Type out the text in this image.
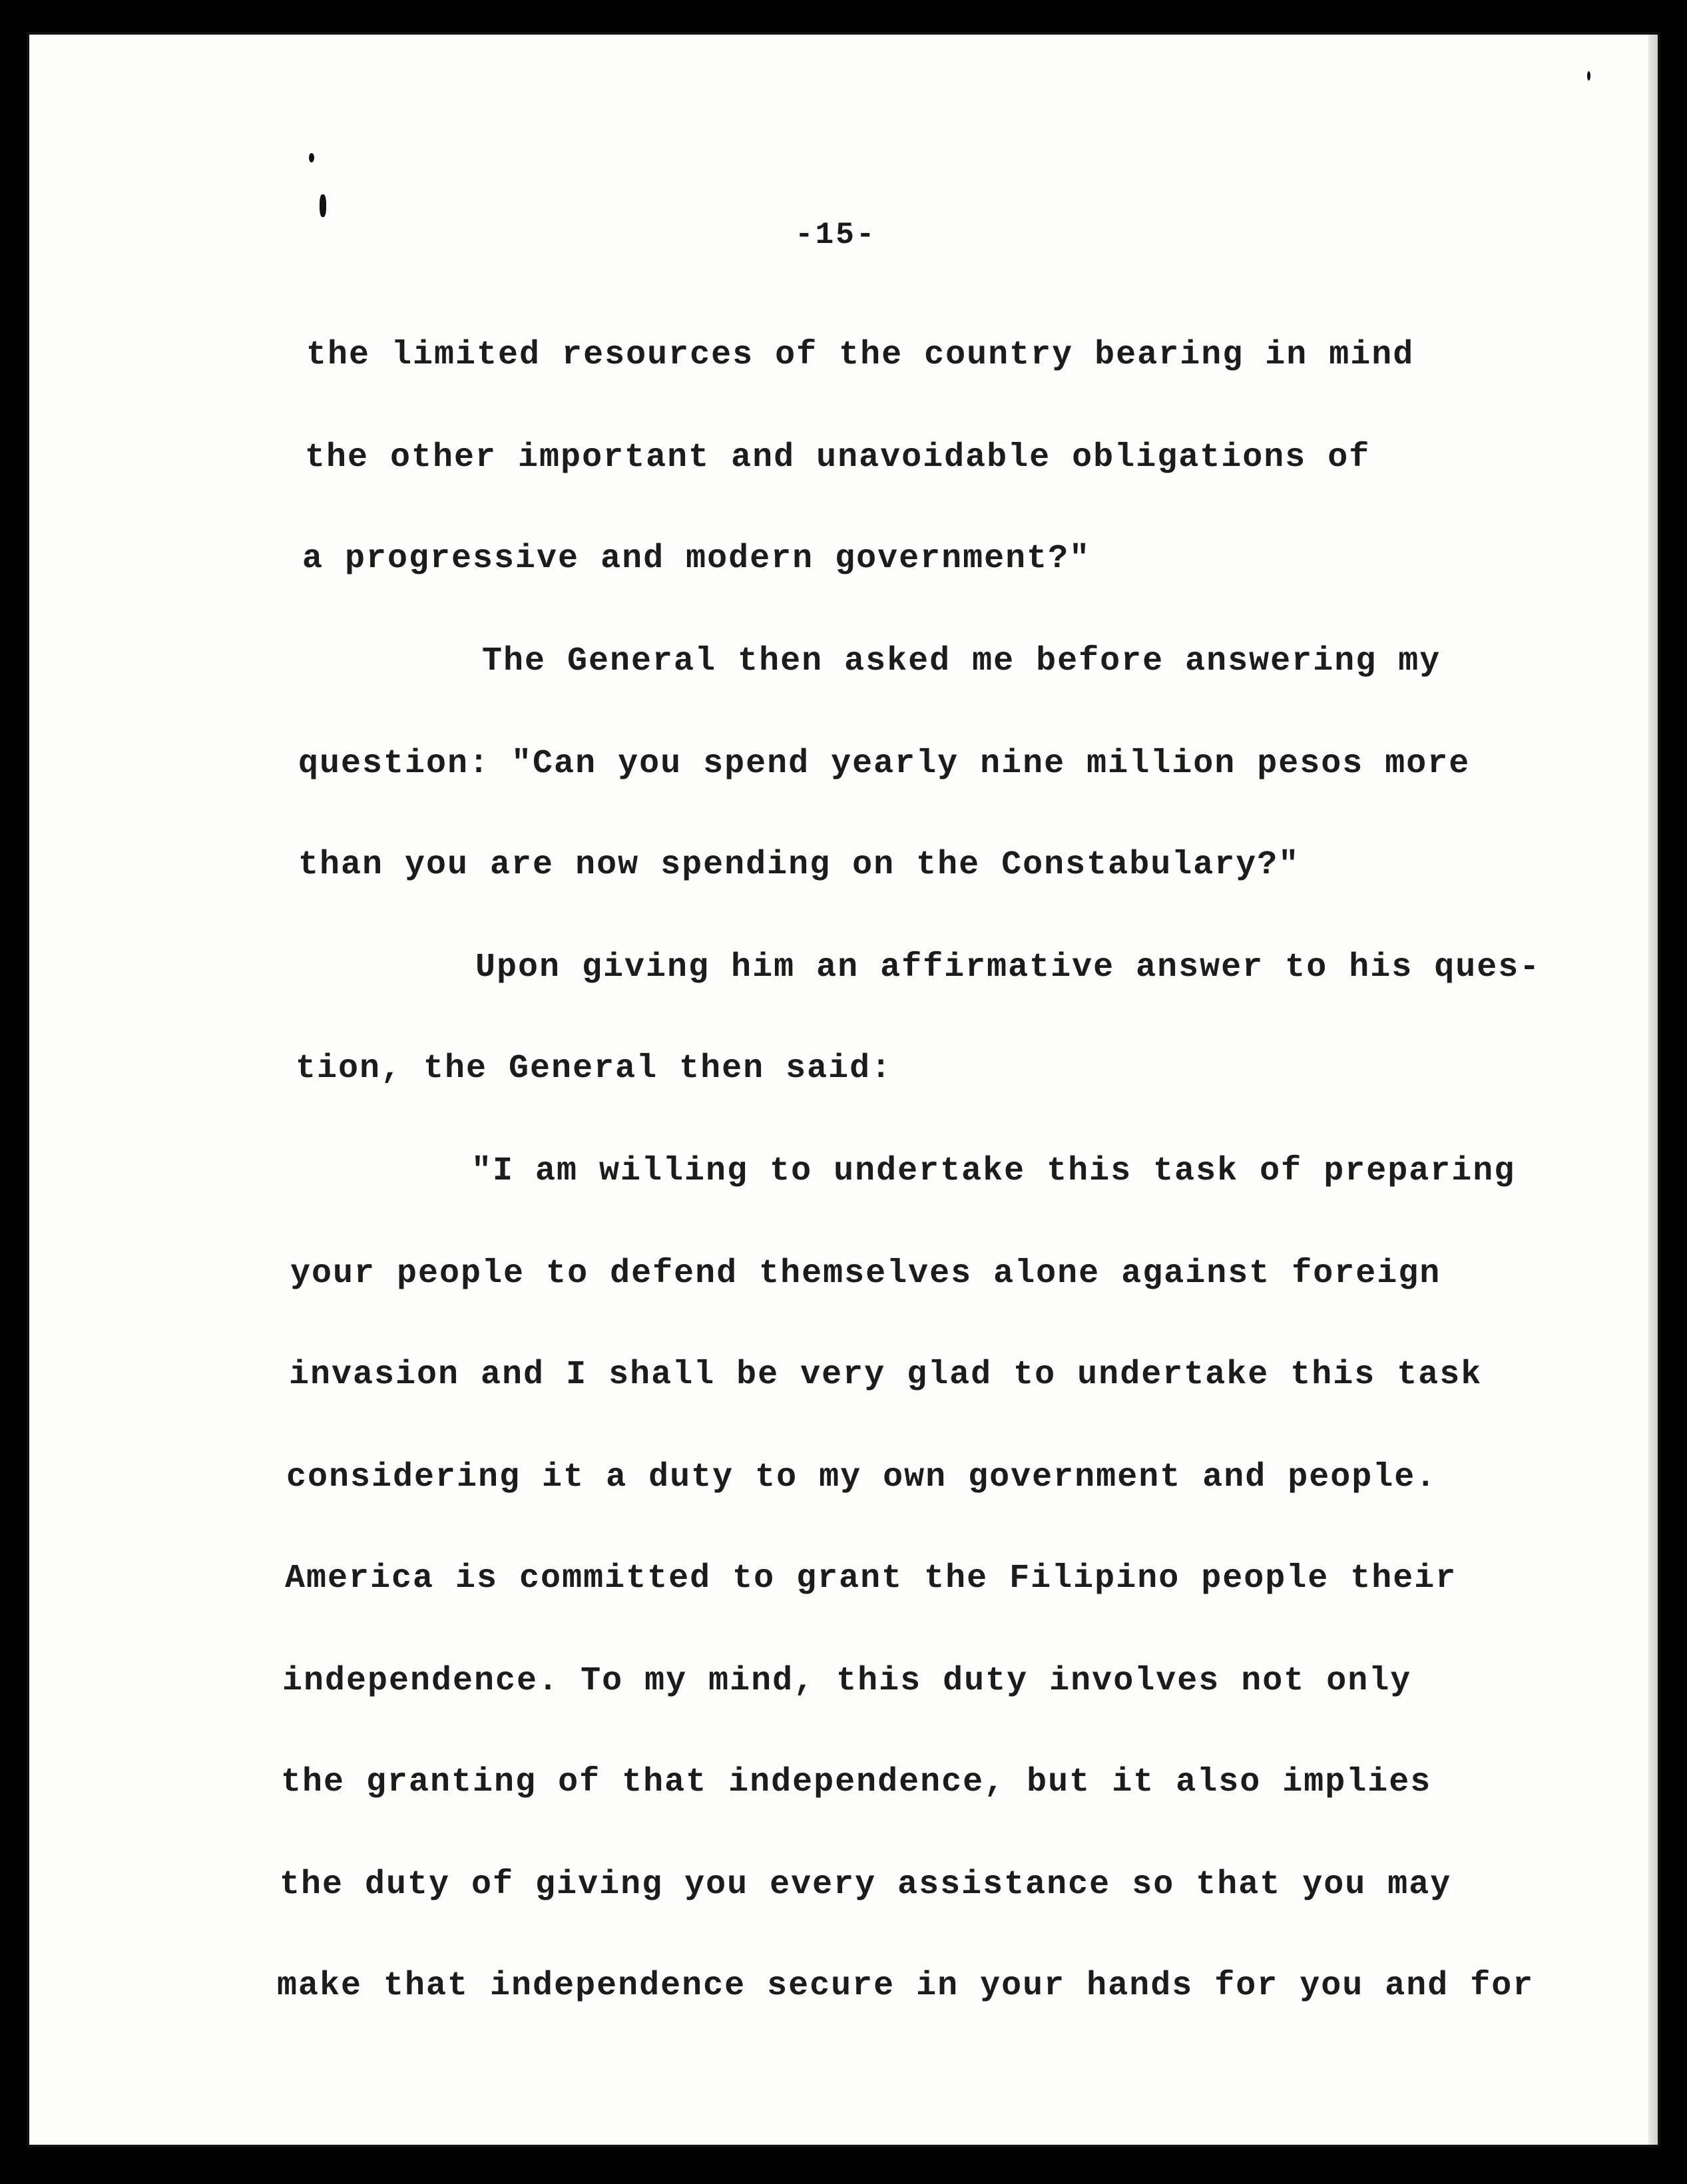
-15-
the limited resources of the country bearing in mind
the other important and unavoidable obligations of
a progressive and modern government?"
The General then asked me before answering my
question: "Can you spend yearly nine million pesos more
than you are now spending on the Constabulary?"
Upon giving him an affirmative answer to his ques-
tion, the General then said:
"I am willing to undertake this task of preparing
your people to defend themselves alone against foreign
invasion and I shall be very glad to undertake this task
considering it a duty to my own government and people.
America is committed to grant the Filipino people their
independence. To my mind, this duty involves not only
the granting of that independence, but it also implies
the duty of giving you every assistance so that you may
make that independence secure in your hands for you and for
